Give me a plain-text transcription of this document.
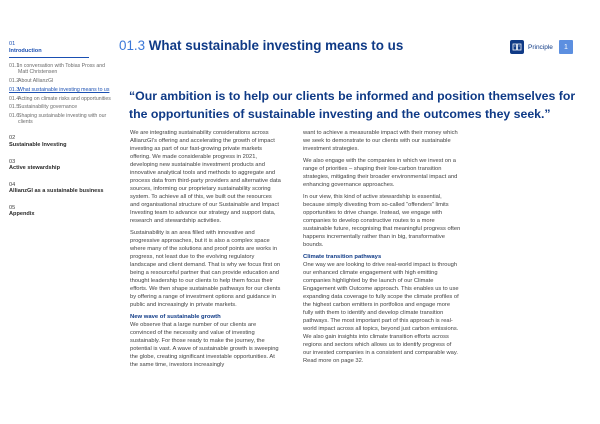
01
Introduction
01.1
In conversation with Tobias Pross and Matt Christensen
01.2
About AllianzGI
01.3
What sustainable investing means to us
01.4
Acting on climate risks and opportunities
01.5
Sustainability governance
01.6
Shaping sustainable investing with our clients
02
Sustainable Investing
03
Active stewardship
04
AllianzGI as a sustainable business
05
Appendix
01.3 What sustainable investing means to us	Principle	1
“Our ambition is to help our clients be informed and position themselves for the opportunities of sustainable investing and the outcomes they seek.”

We are integrating sustainability considerations across AllianzGI’s offering and accelerating the growth of impact investing as part of our fast-growing private markets offering. We made considerable progress in 2021, developing new sustainable investment products and innovative analytical tools and methods to aggregate and process data from third-party providers and alternative data sources, informing our proprietary sustainability scoring system. To achieve all of this, we built out the resources and organisational structure of our Sustainable and Impact Investing team to advance our strategy and support data, research and stewardship activities.

Sustainability is an area filled with innovative and progressive approaches, but it is also a complex space where many of the solutions and proof points are works in progress, not least due to the evolving regulatory landscape and client demand. That is why we focus first on being a resourceful partner that can provide education and thought leadership to our clients to help them focus their efforts. We then shape sustainable pathways for our clients by offering a range of investment options and guidance in public and increasingly in private markets.

New wave of sustainable growth

We observe that a large number of our clients are convinced of the necessity and value of investing sustainably. For those ready to make the journey, the potential is vast. A wave of sustainable growth is sweeping the globe, creating significant investable opportunities. At the same time, investors increasingly

want to achieve a measurable impact with their money which we seek to demonstrate to our clients with our sustainable investment strategies.

We also engage with the companies in which we invest on a range of priorities – shaping their low-carbon transition strategies, mitigating their broader environmental impact and enhancing governance approaches.

In our view, this kind of active stewardship is essential, because simply divesting from so-called “offenders” limits opportunities to drive change. Instead, we engage with companies to develop constructive routes to a more sustainable future, recognising that meaningful progress often happens incrementally rather than in big, transformative bounds.

Climate transition pathways

One way we are looking to drive real-world impact is through our enhanced climate engagement with high emitting companies highlighted by the launch of our Climate Engagement with Outcome approach. This enables us to use expanding data coverage to fully scope the climate profiles of the highest carbon emitters in portfolios and engage more fully with them to identify and develop climate transition pathways. The most important part of this approach is real-world impact across all topics, beyond just carbon emissions. We also gain insights into climate transition efforts across regions and sectors which allows us to identify progress of our invested companies in a consistent and comparable way. Read more on page 32.
